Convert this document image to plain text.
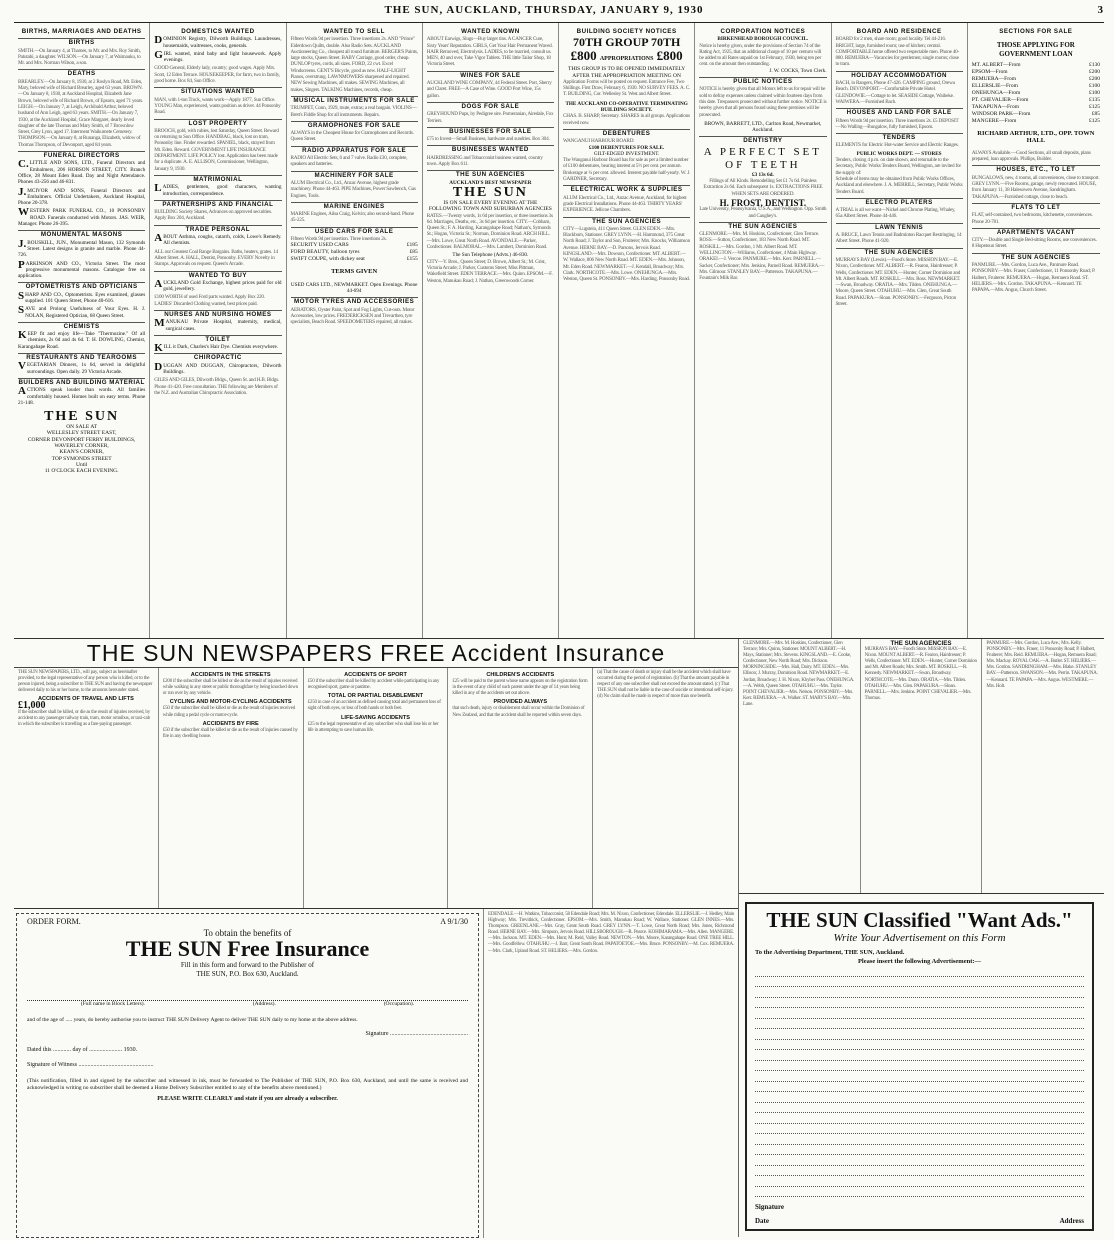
THE SUN, AUCKLAND, THURSDAY, JANUARY 9, 1930	3
BIRTHS, MARRIAGES AND DEATHS
BIRTHS
SMITH.—On January 4, at Thames, to Mr. and Mrs. Roy Smith, Patutahi, a daughter. WILSON.—On January 7, at Waimauku, to Mr. and Mrs. Norman Wilson, a son.
DEATHS
BREARLEY.—On January 8, 1930, at 2 Roslyn Road, Mt. Eden, Mary, beloved wife of Richard Brearley, aged 63 years. BROWN.—On January 8, 1930, at Auckland Hospital, Elizabeth Jane Brown, beloved wife of Richard Brown, of Epsom, aged 71 years. LEIGH.—On January 7, at Leigh, Archibald Arthur, beloved husband of Ann Leigh, aged 63 years. SMITH.—On January 7, 1930, at the Auckland Hospital, Grace Margaret, dearly loved daughter of the late Thomas and Mary Smith, of 7 Brownlow Street, Grey Lynn, aged 17. Interment Waikumete Cemetery. THOMPSON.—On January 8, at Runanga, Elizabeth, widow of Thomas Thompson, of Devonport, aged 84 years.
FUNERAL DIRECTORS

C.LITTLE AND SONS, LTD., Funeral Directors and Embalmers, 206 HOBSON STREET, CITY. Branch Office, 28 Mount Eden Road. Day and Night Attendance. Phones 43-256 and 46-831.

J.MCIVOR AND SONS, Funeral Directors and Embalmers. Official Undertakers, Auckland Hospital, Phone 20-378.

WESTERN PARK FUNERAL CO., 10 PONSONBY ROAD. Funerals conducted with Motors. JAS. WEIR, Manager. Phone 26-395.

MONUMENTAL MASONS

J.BOUSKILL, JUN., Monumental Mason, 132 Symonds Street. Latest designs in granite and marble. Phone 44-726.

PARKINSON AND CO., Victoria Street. The most progressive monumental masons. Catalogue free on application.

OPTOMETRISTS AND OPTICIANS

SHARP AND CO., Optometrists. Eyes examined, glasses supplied. 101 Queen Street, Phone 40-616.

SAVE and Prolong Usefulness of Your Eyes. H. J. NOLAN, Registered Optician, 68 Queen Street.

CHEMISTS

KEEP fit and enjoy life—Take "Thermozine." Of all chemists, 2s 6d and 4s 6d. T. H. DOWLING, Chemist, Karangahape Road.

RESTAURANTS AND TEAROOMS

VEGETARIAN Dinners, 1s 6d, served in delightful surroundings. Open daily. 29 Victoria Arcade.

BUILDERS AND BUILDING MATERIAL

ACTIONS speak louder than words. All families comfortably housed. Homes built on easy terms. Phone 21-148.

THE SUN
ON SALE AT
WELLESLEY STREET EAST,
CORNER DEVONPORT FERRY BUILDINGS,
WAVERLEY CORNER,
KEAN'S CORNER,
TOP SYMONDS STREET
Until
11 O'CLOCK EACH EVENING.
DOMESTICS WANTED

DOMINION Registry, Dilworth Buildings. Laundresses, housemaids, waitresses, cooks, generals.

GIRL wanted, mind baby and light housework. Apply evenings.

GOOD General, Elderly lady, country; good wages. Apply Mrs. Scott, 12 Eden Terrace. HOUSEKEEPER, for farm, two in family, good home. Box 84, Sun Office.
SITUATIONS WANTED
MAN, with 1-ton Truck, wants work—Apply 1877, Sun Office. YOUNG Man, experienced, wants position as driver. 44 Ponsonby Road.
LOST PROPERTY
BROOCH, gold, with rubies, lost Saturday, Queen Street. Reward on returning to Sun Office. HANDBAG, black, lost on tram, Ponsonby line. Finder rewarded. SPANIEL, black, strayed from Mt. Eden. Reward. GOVERNMENT LIFE INSURANCE DEPARTMENT. LIFE POLICY lost. Application has been made for a duplicate. A. E. ALLISON, Commissioner, Wellington, January 9, 1930.
MATRIMONIAL

LADIES, gentlemen, good characters, wanting introduction, correspondence.

PARTNERSHIPS AND FINANCIAL
BUILDING Society Shares, Advances on approved securities. Apply Box 204, Auckland.
TRADE PERSONAL

ABOUT Asthma, coughs, catarrh, colds, Lowe's Remedy. All chemists.

ALL our Greatest Coal Range Bargains. Baths, heaters, grates. 14 Albert Street. A. HALL, Dentist, Ponsonby. EVERY Novelty in Stamps. Approvals on request. Queen's Arcade.
WANTED TO BUY

AUCKLAND Gold Exchange, highest prices paid for old gold, jewellery.

£100 WORTH of used Ford parts wanted. Apply Box 220. LADIES' Discarded Clothing wanted, best prices paid.
NURSES AND NURSING HOMES

MANUKAU Private Hospital, maternity, medical, surgical cases.

TOILET

KILL it Dark, Charles's Hair Dye. Chemists everywhere.

CHIROPACTIC

DUGGAN AND DUGGAN, Chiropractors, Dilworth Buildings.

GILES AND GILES, Dilworth Bldgs., Queen St. and H.B. Bldgs. Phone 41-420. Free consultation. THE following are Members of the N.Z. and Australian Chiropractic Association.
WANTED TO SELL
Fifteen Words 9d per insertion. Three insertions 2s. AND "Prince" Eiderdown Quilts, double. Also Radio Sets. AUCKLAND Auctioneering Co., cheapest all round furniture. BERGER'S Paints, large stocks, Queen Street. BABY Carriage, good order, cheap. DUNLOP tyres, cords, all sizes. FORD, 22 cwt. Excel Windscreens. GENT'S Bicycle, good as new. HALF-LIGHT Pianos, overstrung. LAWNMOWERS sharpened and repaired. NEW Sewing Machines, all makes. SEWING Machines, all makes, Singers. TALKING Machines, records, cheap.
MUSICAL INSTRUMENTS FOR SALE
TRUMPET, Conn, 1929, mute, extras; a real bargain. VIOLINS—Brett's Fiddle Shop for all instruments. Repairs.
GRAMOPHONES FOR SALE
ALWAYS in the Cheapest House for Gramophones and Records. Queen Street.
RADIO APPARATUS FOR SALE
RADIO All Electric Sets, 6 and 7 valve. Radio £30, complete, speakers and batteries.
MACHINERY FOR SALE
ALUM Electrical Co., Ltd., Anzac Avenue, highest grade machinery. Phone 44-463. PIPE Machines, Power Sawbench, Gas Engines, Tools.
MARINE ENGINES
MARINE Engines, Ailsa Craig, Kelvin; also second-hand. Phone 45-225.
USED CARS FOR SALE
Fifteen Words 9d per insertion. Three insertions 2s.
SECURITY USED CARS	£185
FORD BEAUTY, balloon tyres	£85
SWIFT COUPE, with dickey seat	£155
TERMS GIVEN
USED CARS LTD., NEWMARKET. Open Evenings. Phone 44-694
MOTOR TYRES AND ACCESSORIES
AERATORS, Oyster Paint, Spot and Fog Lights, Cut-outs. Motor Accessories, low prices. FREDERICKSEN and Trevarthen, tyre specialists, Beach Road. SPEEDOMETERS repaired, all makes.
WANTED KNOWN
ABOUT Earwigs, Slugs—Buy larger tins. A CANCER Cure, Sixty Years' Reputation. GIRLS, Get Your Hair Permanent Waved. HAIR Removed, Electrolysis. LADIES, to be married, consult us. MEN, 40 and over, Take Vigor Tablets. THE little Tailor Shop, 18 Victoria Street.
WINES FOR SALE
AUCKLAND WINE COMPANY, 44 Federal Street. Port, Sherry and Claret. FREE—A Case of Wine. GOOD Port Wine, 15s gallon.
DOGS FOR SALE
GREYHOUND Pups, by Pedigree sire. Pomeranian, Airedale, Fox Terriers.
BUSINESSES FOR SALE
£75 to Invest—Small Business, hardware and sundries. Box 304.
BUSINESSES WANTED
HAIRDRESSING and Tobacconist business wanted, country town. Apply Box 611.
THE SUN AGENCIES
AUCKLAND'S BEST NEWSPAPER
THE SUN
IS ON SALE EVERY EVENING AT THE FOLLOWING TOWN AND SUBURBAN AGENCIES
RATES.—Twenty words, 1s 6d per insertion, or three insertions 3s 6d. Marriages, Deaths, etc., 3s 6d per insertion. CITY.—Cobham, Queen St.; F. A. Harding, Karangahape Road; Nathan's, Symonds St.; Hogan, Victoria St.; Norman, Dominion Road. ARCH HILL.—Mrs. Lowe, Great North Road. AVONDALE.—Parker, Confectioner. BALMORAL.—Mrs. Lambert, Dominion Road.
The Sun Telephone (Advts.) 46-830.
CITY—Y. Bros., Queen Street; D. Brown, Albert St.; M. Grist, Victoria Arcade; J. Parker, Customs Street; Miss Pittman, Wakefield Street. EDEN TERRACE.—Mrs. Quinn. EPSOM.—F. Weston, Manukau Road; J. Nathan, Greenwoods Corner.
BUILDING SOCIETY NOTICES
70TH GROUP 70TH
£800 APPROPRIATIONS £800
THIS GROUP IS TO BE OPENED IMMEDIATELY AFTER THE APPROPRIATION MEETING ON
Application Forms will be posted on request. Entrance Fee, Two Shillings. First Draw, February 6, 1930. NO SURVEY FEES. A. C. T. BUILDING, Cor. Wellesley St. West and Albert Street.
THE AUCKLAND CO-OPERATIVE TERMINATING BUILDING SOCIETY.
CHAS. B. SHARP, Secretary. SHARES in all groups. Applications received now.
DEBENTURES
WANGANUI HARBOUR BOARD.
£100 DEBENTURES FOR SALE.
GILT-EDGED INVESTMENT.
The Wanganui Harbour Board has for sale as per a limited number of £100 debentures, bearing interest at 5½ per cent. per annum. Brokerage at ¼ per cent. allowed. Interest payable half-yearly. W. J. GARDNER, Secretary.
ELECTRICAL WORK & SUPPLIES
ALUM Electrical Co., Ltd., Anzac Avenue, Auckland, for highest grade Electrical Installations. Phone 44-463. THIRTY YEARS' EXPERIENCE. Jellicoe Chambers.
THE SUN AGENCIES
CITY—Lugstein, 411 Queen Street. GLEN EDEN.—Mrs. Blackburn, Stationer. GREY LYNN.—H. Hammond, 375 Great North Road; J. Taylor and Son, Fruiterer; Mrs. Knocks, Williamson Avenue. HERNE BAY.—D. Parsons, Jervois Road. KINGSLAND.—Mrs. Dowson, Confectioner. MT. ALBERT.—W. Wallace, 806 New North Road. MT. EDEN.—Mrs. Johnson, Mt. Eden Road. NEWMARKET.—J. Kendall, Broadway; Mrs. Clark. NORTHCOTE.—Mrs. Lowe. ONEHUNGA.—Mrs. Weston, Queen St. PONSONBY.—Mrs. Harding, Ponsonby Road.
CORPORATION NOTICES
BIRKENHEAD BOROUGH COUNCIL.
Notice is hereby given, under the provisions of Section 74 of the Rating Act, 1925, that an additional charge of 10 per centum will be added to all Rates unpaid on 1st February, 1930, being ten per cent. on the amount then outstanding.
J. W. COCKS, Town Clerk.
PUBLIC NOTICES
NOTICE is hereby given that all Motors left to us for repair will be sold to defray expenses unless claimed within fourteen days from this date. Trespassers prosecuted without further notice. NOTICE is hereby given that all persons found using these premises will be prosecuted.
BROWN, BARRETT, LTD., Carlton Road, Newmarket, Auckland.
DENTISTRY
A PERFECT SET OF TEETH
£3 13s 6d.
Fillings of All Kinds. Remodelling Set £1 7s 6d. Painless Extraction 2s 6d. Each subsequent 1s. EXTRACTIONS FREE WHEN SETS ARE ORDERED.
H. FROST, DENTIST.
Late University, Pennsylvania, U.S.A., and Wellington. Opp. Smith and Caughey's.
THE SUN AGENCIES
GLENMORE.—Mrs. M. Hoskins, Confectioner, Glen Terrace. ROSS.—Sutton, Confectioner, 183 New North Road. MT. ROSKILL.—Mrs. Gordon, 1 Mt. Albert Road. MT. WELLINGTON.—Williams, Confectioner, 4 Main Highway. ORAKEI.—J. Vercoe. PANMURE.—Mrs. Kerr. PARNELL.—Sacker, Confectioner; Mrs. Jenkins, Parnell Road. REMUERA.—Mrs. Gilmour. STANLEY BAY.—Patterson. TAKAPUNA.—Fountain's Milk Bar.
BOARD AND RESIDENCE
BOARD for 2 men, share room; good locality. Tel 44-216. BRIGHT, large, furnished room; use of kitchen; central. COMFORTABLE home offered two respectable men. Phone 40-880. REMUERA—Vacancies for gentlemen; single rooms; close to tram.
HOLIDAY ACCOMMODATION
BACH, in Rangers, Phone 47-426. CAMPING ground, Orewa Beach. DEVONPORT.—Comfortable Private Hotel. GLENDOWIE.—Cottage to let. SEASIDE Cottage, Waiheke. WAIWERA.—Furnished Bach.
HOUSES AND LAND FOR SALE
Fifteen Words 9d per insertion. Three insertions 2s. £5 DEPOSIT—No Walling—Bungalow, fully furnished, Epsom.
TENDERS
ELEMENTS for Electric Hot-water Service and Electric Ranges.
PUBLIC WORKS DEPT. — STORES
Tenders, closing 4 p.m. on date shown, and returnable to the Secretary, Public Works Tenders Board, Wellington, are invited for the supply of:
Schedule of items may be obtained from Public Works Offices, Auckland and elsewhere. J. A. MERRILL, Secretary, Public Works Tenders Board.
ELECTRO PLATERS
A TRIAL is all we want—Nickel and Chrome Plating, Whaley, 65a Albert Street. Phone 44-446.
LAWN TENNIS
A. BRUCE, Lawn Tennis and Badminton Racquet Restringing, 14 Albert Street. Phone 41-920.
THE SUN AGENCIES
MURRAYS BAY (Lewis).—Food's Store. MISSION BAY.—E. Nixon, Confectioner. MT. ALBERT.—R. Fearon, Hairdresser; P. Wells, Confectioner. MT. EDEN.—Hunter, Corner Dominion and Mt. Albert Roads. MT. ROSKILL.—Mrs. Ross. NEWMARKET.—Swan, Broadway. ORATIA.—Mrs. Tilden. ONEHUNGA.—Moore, Queen Street. OTAHUHU.—Mrs. Glen, Great South Road. PAPAKURA.—Sloan. PONSONBY.—Ferguson, Picton Street.
SECTIONS FOR SALE
THOSE APPLYING FOR GOVERNMENT LOAN
MT. ALBERT—From	£130
EPSOM—From	£200
REMUERA—From	£200
ELLERSLIE—From	£100
ONEHUNGA—From	£100
PT. CHEVALIER—From	£135
TAKAPUNA—From	£125
WINDSOR PARK—From	£85
MANGERE—From	£125
RICHARD ARTHUR, LTD., OPP. TOWN HALL
ALWAYS Available.—Good Sections, all small deposits, plans prepared, loan approvals. Phillips, Builder.
HOUSES, ETC., TO LET
BUNGALOWS, new, 4 rooms, all conveniences, close to transport. GREY LYNN.—Five Rooms, garage, newly renovated. HOUSE, from January 11, 38 Halesowen Avenue, Sandringham. TAKAPUNA.—Furnished cottage, close to beach.
FLATS TO LET
FLAT, self-contained, two bedrooms, kitchenette, conveniences. Phone 20-781.
APARTMENTS VACANT
CITY.—Double and Single Bed-sitting Rooms, use conveniences. 8 Hopetoun Street.
THE SUN AGENCIES
PANMURE.—Mrs. Gordon, Luca Ave., Panmure Road. PONSONBY.—Mrs. Fraser, Confectioner, 11 Ponsonby Road; P. Halbert, Fruiterer. REMUERA.—Hogan, Remuera Road. ST. HELIERS.—Mrs. Gordon. TAKAPUNA.—Kennard. TE PAPAPA.—Mrs. Angus, Church Street.
THE SUN NEWSPAPERS FREE Accident Insurance
THE SUN NEWSPAPERS, LTD., will pay, subject as hereinafter provided, to the legal representative of any person who is killed, or to the person injured, being a subscriber to THE SUN and having the newspaper delivered daily to his or her home, to the amounts hereunder stated.
ACCIDENTS OF TRAVEL AND LIFTS
£1,000
if the subscriber shall be killed, or die as the result of injuries received, by accident to any passenger railway train, tram, motor omnibus, or taxi-cab in which the subscriber is travelling as a fare-paying passenger.
ACCIDENTS IN THE STREETS
£200 if the subscriber shall be killed or die as the result of injuries received while walking in any street or public thoroughfare by being knocked down or run over by any vehicle.
CYCLING AND MOTOR-CYCLING ACCIDENTS
£50 if the subscriber shall be killed or die as the result of injuries received while riding a pedal cycle or motor-cycle.
ACCIDENTS BY FIRE
£50 if the subscriber shall be killed or die as the result of injuries caused by fire in any dwelling house.
ACCIDENTS OF SPORT
£50 if the subscriber shall be killed by accident while participating in any recognised sport, game or pastime.
TOTAL OR PARTIAL DISABLEMENT
£250 in case of an accident as defined causing total and permanent loss of sight of both eyes, or loss of both hands or both feet.
LIFE-SAVING ACCIDENTS
£25 to the legal representative of any subscriber who shall lose his or her life in attempting to save human life.
CHILDREN'S ACCIDENTS
£25 will be paid to the parent whose name appears on the registration form in the event of any child of such parent under the age of 14 years being killed in any of the accidents set out above.
PROVIDED ALWAYS
that such death, injury or disablement shall occur within the Dominion of New Zealand, and that the accident shall be reported within seven days.
(a) That the cause of death or injury shall be the accident which shall have occurred during the period of registration. (b) That the amount payable in respect of any one subscriber shall not exceed the amount stated. (c) That THE SUN shall not be liable in the case of suicide or intentional self-injury. (d) No claim shall be made in respect of more than one benefit.
ORDER FORM.	A 9/1/30
To obtain the benefits of
THE SUN Free Insurance
Fill in this form and forward to the Publisher of
THE SUN, P.O. Box 630, Auckland.
(Full name in Block Letters).	(Address).	(Occupation).
and of the age of ..... years, do hereby authorise you to instruct THE SUN Delivery Agent to deliver THE SUN daily to my home at the above address.
Signature ....................................................
Dated this ............ day of ...................... 1930.
Signature of Witness ..................................................
(This notification, filled in and signed by the subscriber and witnessed in ink, must be forwarded to The Publisher of THE SUN, P.O. Box 630, Auckland, and until the same is received and acknowledged in writing no subscriber shall be deemed a Home Delivery Subscriber entitled to any of the benefits above mentioned.)
PLEASE WRITE CLEARLY and state if you are already a subscriber.
EDENDALE.—H. Watkins, Tobacconist, 58 Edendale Road; Mrs. M. Nixon, Confectioner, Edendale. ELLERSLIE.—J. Hedley, Main Highway; Mrs. Trevithick, Confectioner. EPSOM.—Mrs. Smith, Manukau Road; W. Wallace, Stationer. GLEN INNES.—Mrs. Thompson. GREENLANE.—Mrs. Gray, Great South Road. GREY LYNN.—T. Lowe, Great North Road; Mrs. Jones, Richmond Road. HERNE BAY.—Mrs. Simpson, Jervois Road. HILLSBOROUGH.—R. Pearce. KOHIMARAMA.—Mrs. Allen. MANGERE.—Mrs. Jackson. MT. EDEN.—Mrs. Hunt; M. Reid, Valley Road. NEWTON.—Mrs. Moore, Karangahape Road. ONE TREE HILL.—Mrs. Goodfellow. OTAHUHU.—J. Barr, Great South Road. PAPATOETOE.—Mrs. Bruce. PONSONBY.—M. Cox. REMUERA.—Mrs. Clark, Upland Road. ST. HELIERS.—Mrs. Gordon.
GLENMORE.—Mrs. M. Hoskins, Confectioner, Glen Terrace; Mrs. Quinn, Stationer. MOUNT ALBERT.—H. Mays, Stationer; Mrs. Stevens. KINGSLAND.—E. Cooke, Confectioner, New North Road; Mrs. Dickson. MORNINGSIDE.—Mrs. Hall, Dairy. MT. EDEN.—Mrs. Ellison; J. Murray, Dominion Road. NEWMARKET.—E. Jordan, Broadway; J. H. Nixon, Khyber Pass. ONEHUNGA.—A. Webb, Queen Street. OTAHUHU.—Mrs. Taylor. POINT CHEVALIER.—Mrs. Nelson. PONSONBY.—Mrs. Kerr. REMUERA.—A. Walker. ST. MARY'S BAY.—Mrs. Lane.
THE SUN AGENCIES
MURRAYS BAY.—Food's Store. MISSION BAY.—E. Nixon. MOUNT ALBERT.—R. Fearon, Hairdresser; P. Wells, Confectioner. MT. EDEN.—Hunter, Corner Dominion and Mt. Albert Roads; Mrs. Smith. MT. ROSKILL.—R. Kennedy. NEWMARKET.—Swan, Broadway. NORTHCOTE.—Mrs. Dunn. ORATIA.—Mrs. Tilden. OTAHUHU.—Mrs. Glen. PAPAKURA.—Sloan. PARNELL.—Mrs. Jenkins. POINT CHEVALIER.—Mrs. Thomas.
PANMURE.—Mrs. Gordon, Luca Ave.; Mrs. Kelly. PONSONBY.—Mrs. Fraser, 11 Ponsonby Road; P. Halbert, Fruiterer; Mrs. Reid. REMUERA.—Hogan, Remuera Road; Mrs. Mackay. ROYAL OAK.—A. Butler. ST. HELIERS.—Mrs. Gordon. SANDRINGHAM.—Mrs. Blake. STANLEY BAY.—Patterson. SWANSON.—Mrs. Perrin. TAKAPUNA.—Kennard. TE PAPAPA.—Mrs. Angus. WESTMERE.—Mrs. Holt.
THE SUN Classified "Want Ads."
Write Your Advertisement on this Form
To the Advertising Department, THE SUN, Auckland.
Please insert the following Advertisement:—
Signature
Date	Address
